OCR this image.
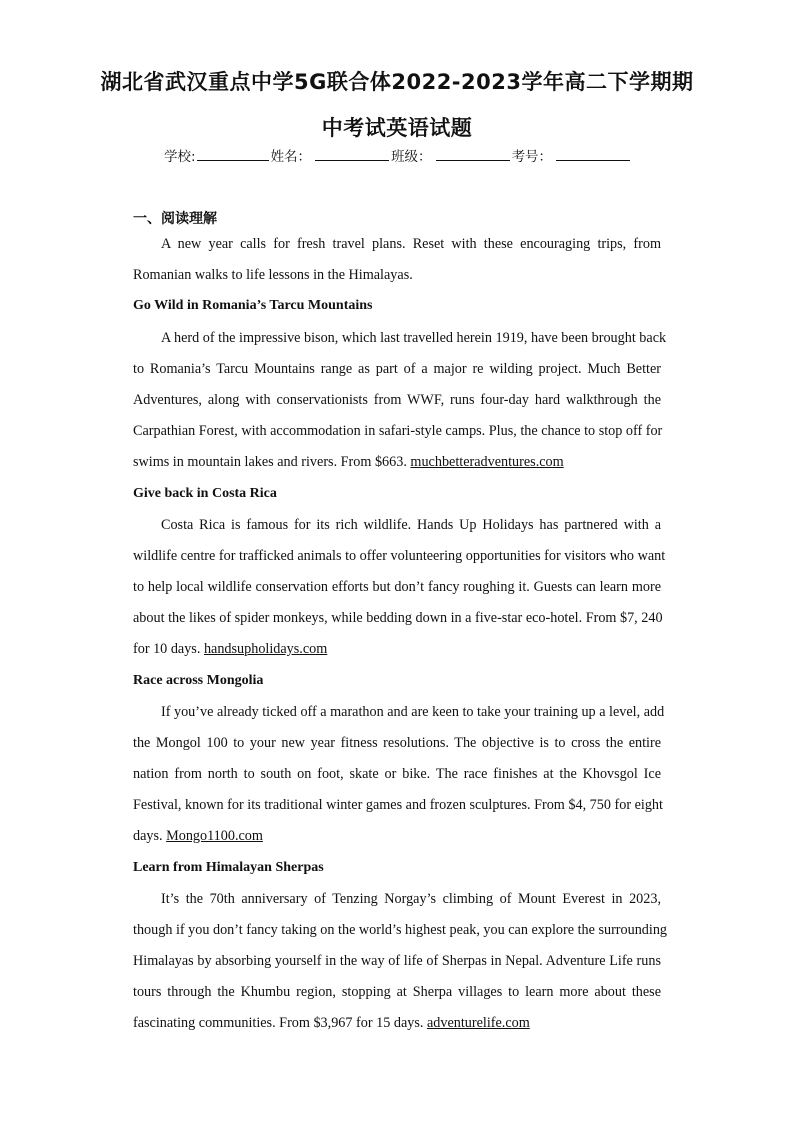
湖北省武汉重点中学5G联合体2022-2023学年高二下学期期
中考试英语试题
学校:	姓名：	班级：	考号：
一、阅读理解
A new year calls for fresh travel plans. Reset with these encouraging trips, from
Romanian walks to life lessons in the Himalayas.
Go Wild in Romania’s Tarcu Mountains
A herd of the impressive bison, which last travelled herein 1919, have been brought back
to Romania’s Tarcu Mountains range as part of a major re wilding project. Much Better
Adventures, along with conservationists from WWF, runs four-day hard walkthrough the
Carpathian Forest, with accommodation in safari-style camps. Plus, the chance to stop off for
swims in mountain lakes and rivers. From $663. muchbetteradventures.com
Give back in Costa Rica
Costa Rica is famous for its rich wildlife. Hands Up Holidays has partnered with a
wildlife centre for trafficked animals to offer volunteering opportunities for visitors who want
to help local wildlife conservation efforts but don’t fancy roughing it. Guests can learn more
about the likes of spider monkeys, while bedding down in a five-star eco-hotel. From $7, 240
for 10 days. handsupholidays.com
Race across Mongolia
If you’ve already ticked off a marathon and are keen to take your training up a level, add
the Mongol 100 to your new year fitness resolutions. The objective is to cross the entire
nation from north to south on foot, skate or bike. The race finishes at the Khovsgol Ice
Festival, known for its traditional winter games and frozen sculptures. From $4, 750 for eight
days. Mongo1100.com
Learn from Himalayan Sherpas
It’s the 70th anniversary of Tenzing Norgay’s climbing of Mount Everest in 2023,
though if you don’t fancy taking on the world’s highest peak, you can explore the surrounding
Himalayas by absorbing yourself in the way of life of Sherpas in Nepal. Adventure Life runs
tours through the Khumbu region, stopping at Sherpa villages to learn more about these
fascinating communities. From $3,967 for 15 days. adventurelife.com
